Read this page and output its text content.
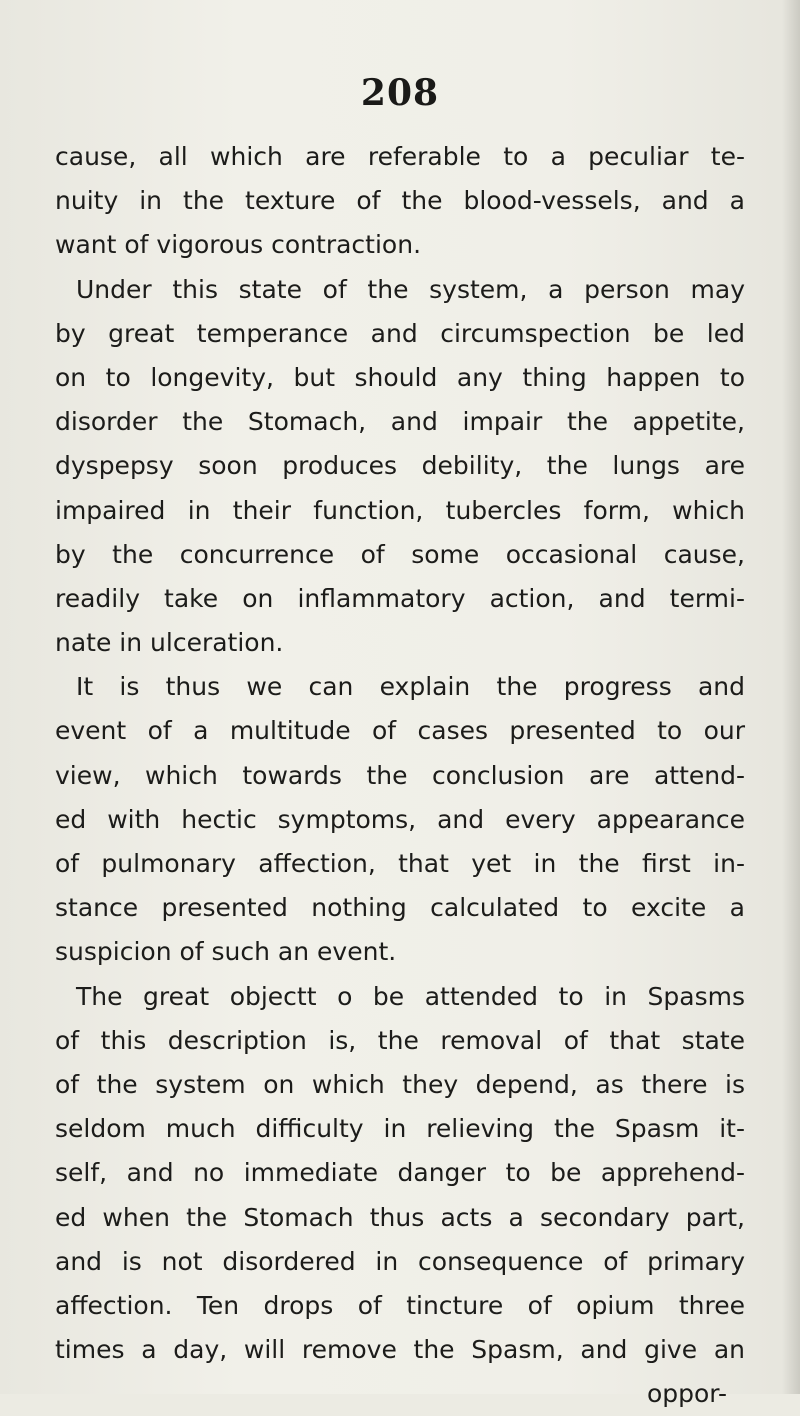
208
cause, all which are referable to a peculiar te-
nuity in the texture of the blood-vessels, and a
want of vigorous contraction.
Under this state of the system, a person may
by great temperance and circumspection be led
on to longevity, but should any thing happen to
disorder the Stomach, and impair the appetite,
dyspepsy soon produces debility, the lungs are
impaired in their function, tubercles form, which
by the concurrence of some occasional cause,
readily take on inflammatory action, and termi-
nate in ulceration.
It is thus we can explain the progress and
event of a multitude of cases presented to our
view, which towards the conclusion are attend-
ed with hectic symptoms, and every appearance
of pulmonary affection, that yet in the first in-
stance presented nothing calculated to excite a
suspicion of such an event.
The great objectt o be attended to in Spasms
of this description is, the removal of that state
of the system on which they depend, as there is
seldom much difficulty in relieving the Spasm it-
self, and no immediate danger to be apprehend-
ed when the Stomach thus acts a secondary part,
and is not disordered in consequence of primary
affection. Ten drops of tincture of opium three
times a day, will remove the Spasm, and give an
oppor-
